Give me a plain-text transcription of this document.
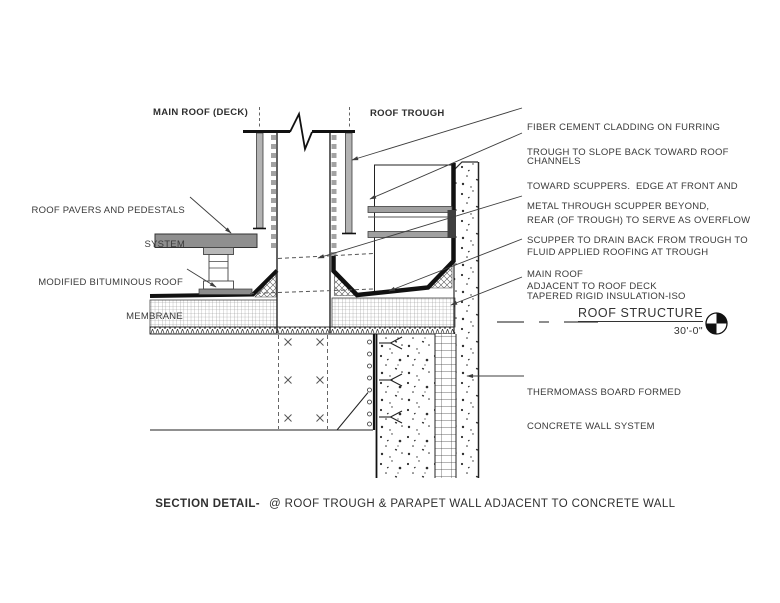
MAIN ROOF (DECK)	ROOF TROUGH

ROOF PAVERS AND PEDESTALS

SYSTEM

MODIFIED BITUMINOUS ROOF

MEMBRANE

FIBER CEMENT CLADDING ON FURRING

CHANNELS

TROUGH TO SLOPE BACK TOWARD ROOF

TOWARD SCUPPERS.  EDGE AT FRONT AND

REAR (OF TROUGH) TO SERVE AS OVERFLOW

METAL THROUGH SCUPPER BEYOND,

SCUPPER TO DRAIN BACK FROM TROUGH TO

MAIN ROOF

FLUID APPLIED ROOFING AT TROUGH

ADJACENT TO ROOF DECK

TAPERED RIGID INSULATION-ISO

THERMOMASS BOARD FORMED

CONCRETE WALL SYSTEM

ROOF STRUCTURE
30'-0"

SECTION DETAIL- @ ROOF TROUGH & PARAPET WALL ADJACENT TO CONCRETE WALL
